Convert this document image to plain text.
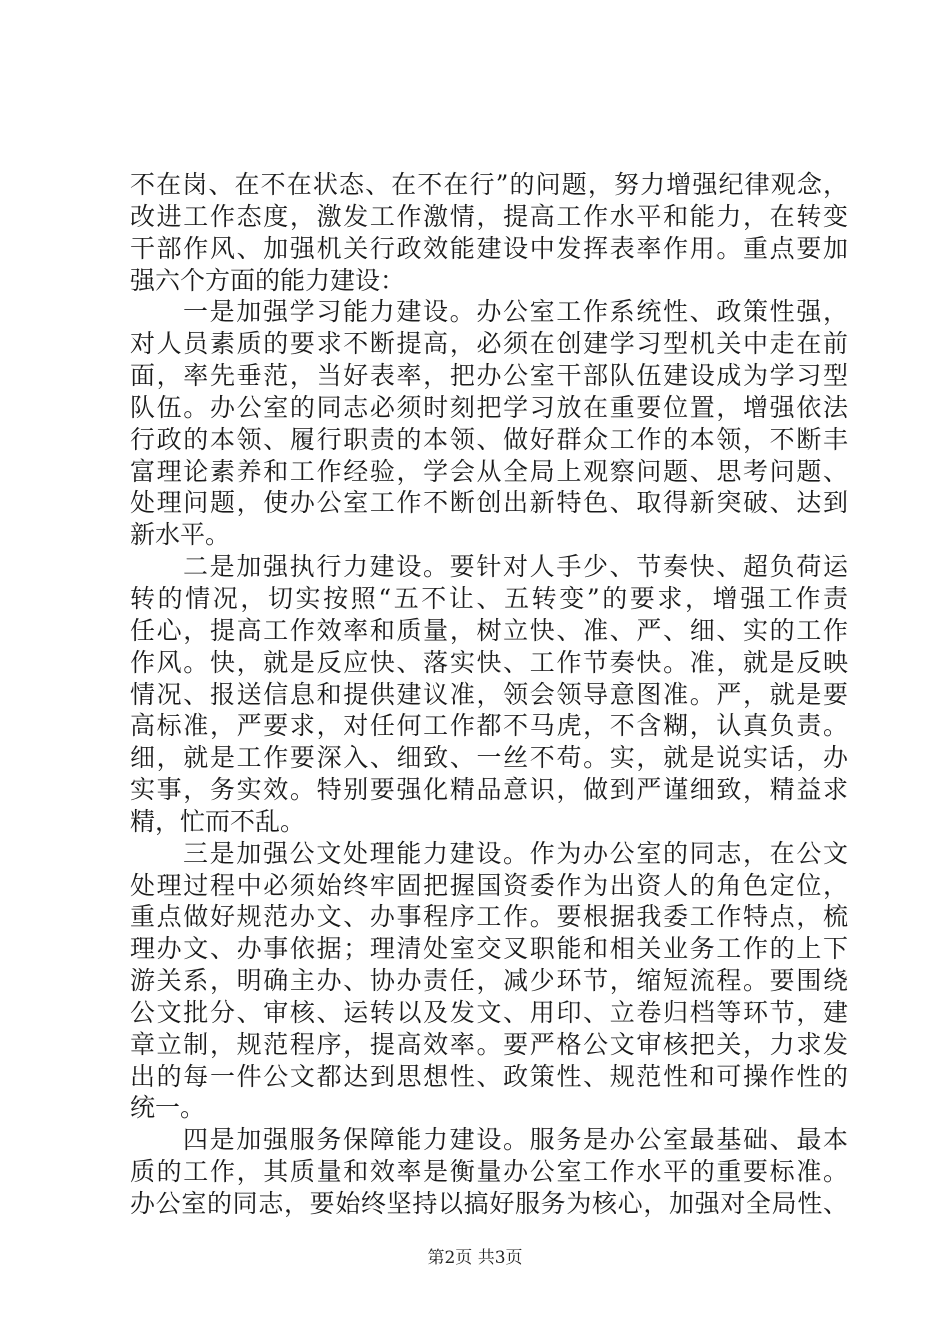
不在岗、在不在状态、在不在行”的问题，努力增强纪律观念，
改进工作态度，激发工作激情，提高工作水平和能力，在转变
干部作风、加强机关行政效能建设中发挥表率作用。重点要加
强六个方面的能力建设：
一是加强学习能力建设。办公室工作系统性、政策性强，
对人员素质的要求不断提高，必须在创建学习型机关中走在前
面，率先垂范，当好表率，把办公室干部队伍建设成为学习型
队伍。办公室的同志必须时刻把学习放在重要位置，增强依法
行政的本领、履行职责的本领、做好群众工作的本领，不断丰
富理论素养和工作经验，学会从全局上观察问题、思考问题、
处理问题，使办公室工作不断创出新特色、取得新突破、达到
新水平。
二是加强执行力建设。要针对人手少、节奏快、超负荷运
转的情况，切实按照“五不让、五转变”的要求，增强工作责
任心，提高工作效率和质量，树立快、准、严、细、实的工作
作风。快，就是反应快、落实快、工作节奏快。准，就是反映
情况、报送信息和提供建议准，领会领导意图准。严，就是要
高标准，严要求，对任何工作都不马虎，不含糊，认真负责。
细，就是工作要深入、细致、一丝不苟。实，就是说实话，办
实事，务实效。特别要强化精品意识，做到严谨细致，精益求
精，忙而不乱。
三是加强公文处理能力建设。作为办公室的同志，在公文
处理过程中必须始终牢固把握国资委作为出资人的角色定位，
重点做好规范办文、办事程序工作。要根据我委工作特点，梳
理办文、办事依据；理清处室交叉职能和相关业务工作的上下
游关系，明确主办、协办责任，减少环节，缩短流程。要围绕
公文批分、审核、运转以及发文、用印、立卷归档等环节，建
章立制，规范程序，提高效率。要严格公文审核把关，力求发
出的每一件公文都达到思想性、政策性、规范性和可操作性的
统一。
四是加强服务保障能力建设。服务是办公室最基础、最本
质的工作，其质量和效率是衡量办公室工作水平的重要标准。
办公室的同志，要始终坚持以搞好服务为核心，加强对全局性、
第2页 共3页
